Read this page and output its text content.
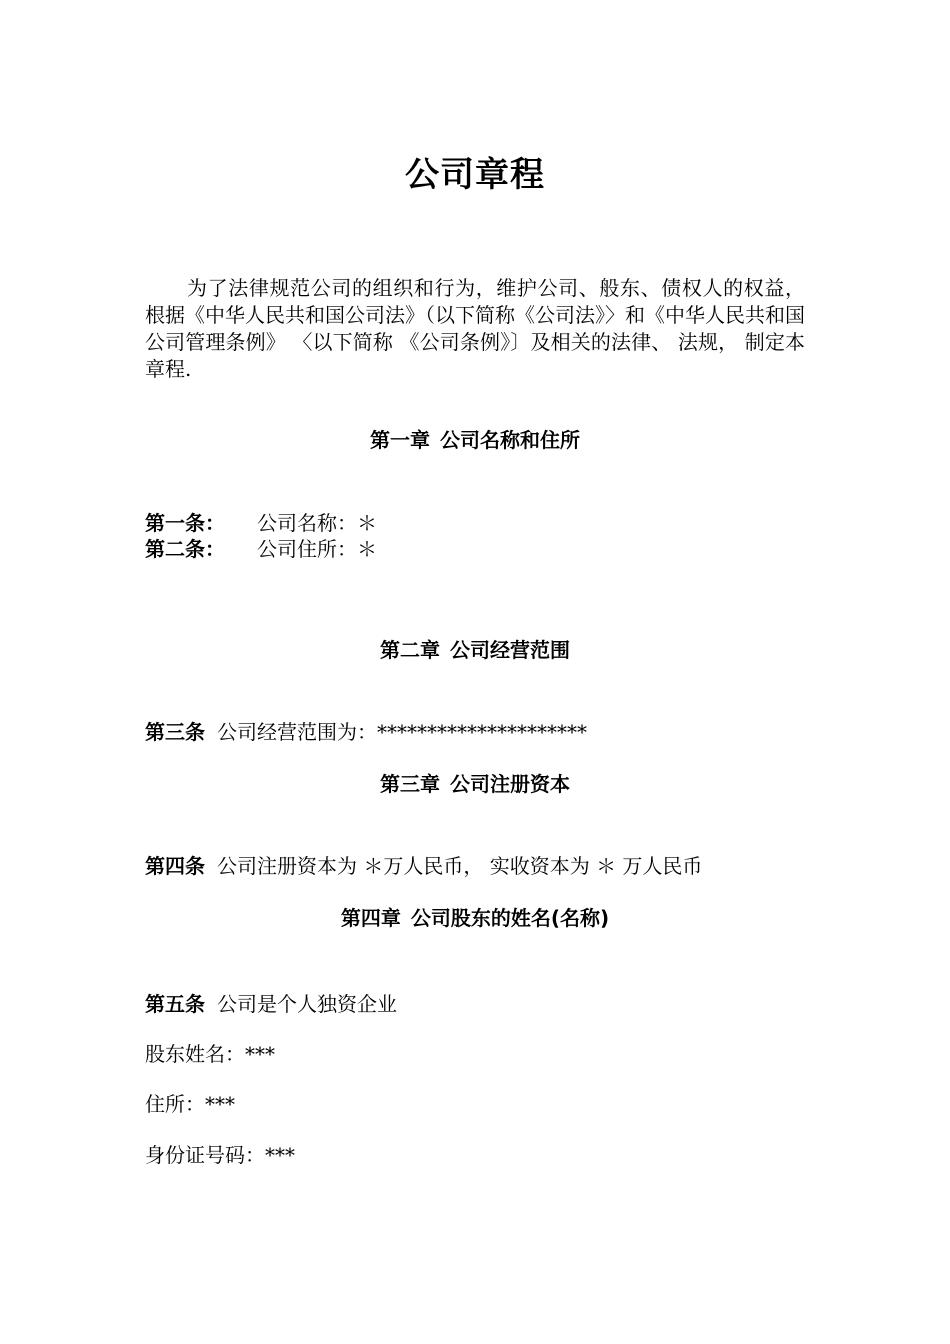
公司章程

为了法律规范公司的组织和行为，维护公司、般东、债权人的权益， 根据《中华人民共和国公司法》（以下简称《公司法》〉和《中华人民共和国公司管理条例》 〈以下简称 《公司条例》〕及相关的法律、 法规， 制定本章程.

第一章 公司名称和住所
第一条： 公司名称：＊
第二条： 公司住所：＊
第二章 公司经营范围
第三条 公司经营范围为：*********************
第三章 公司注册资本
第四条 公司注册资本为 ＊万人民币， 实收资本为 ＊ 万人民币
第四章 公司股东的姓名(名称)
第五条 公司是个人独资企业
股东姓名：***
住所：***
身份证号码：***
